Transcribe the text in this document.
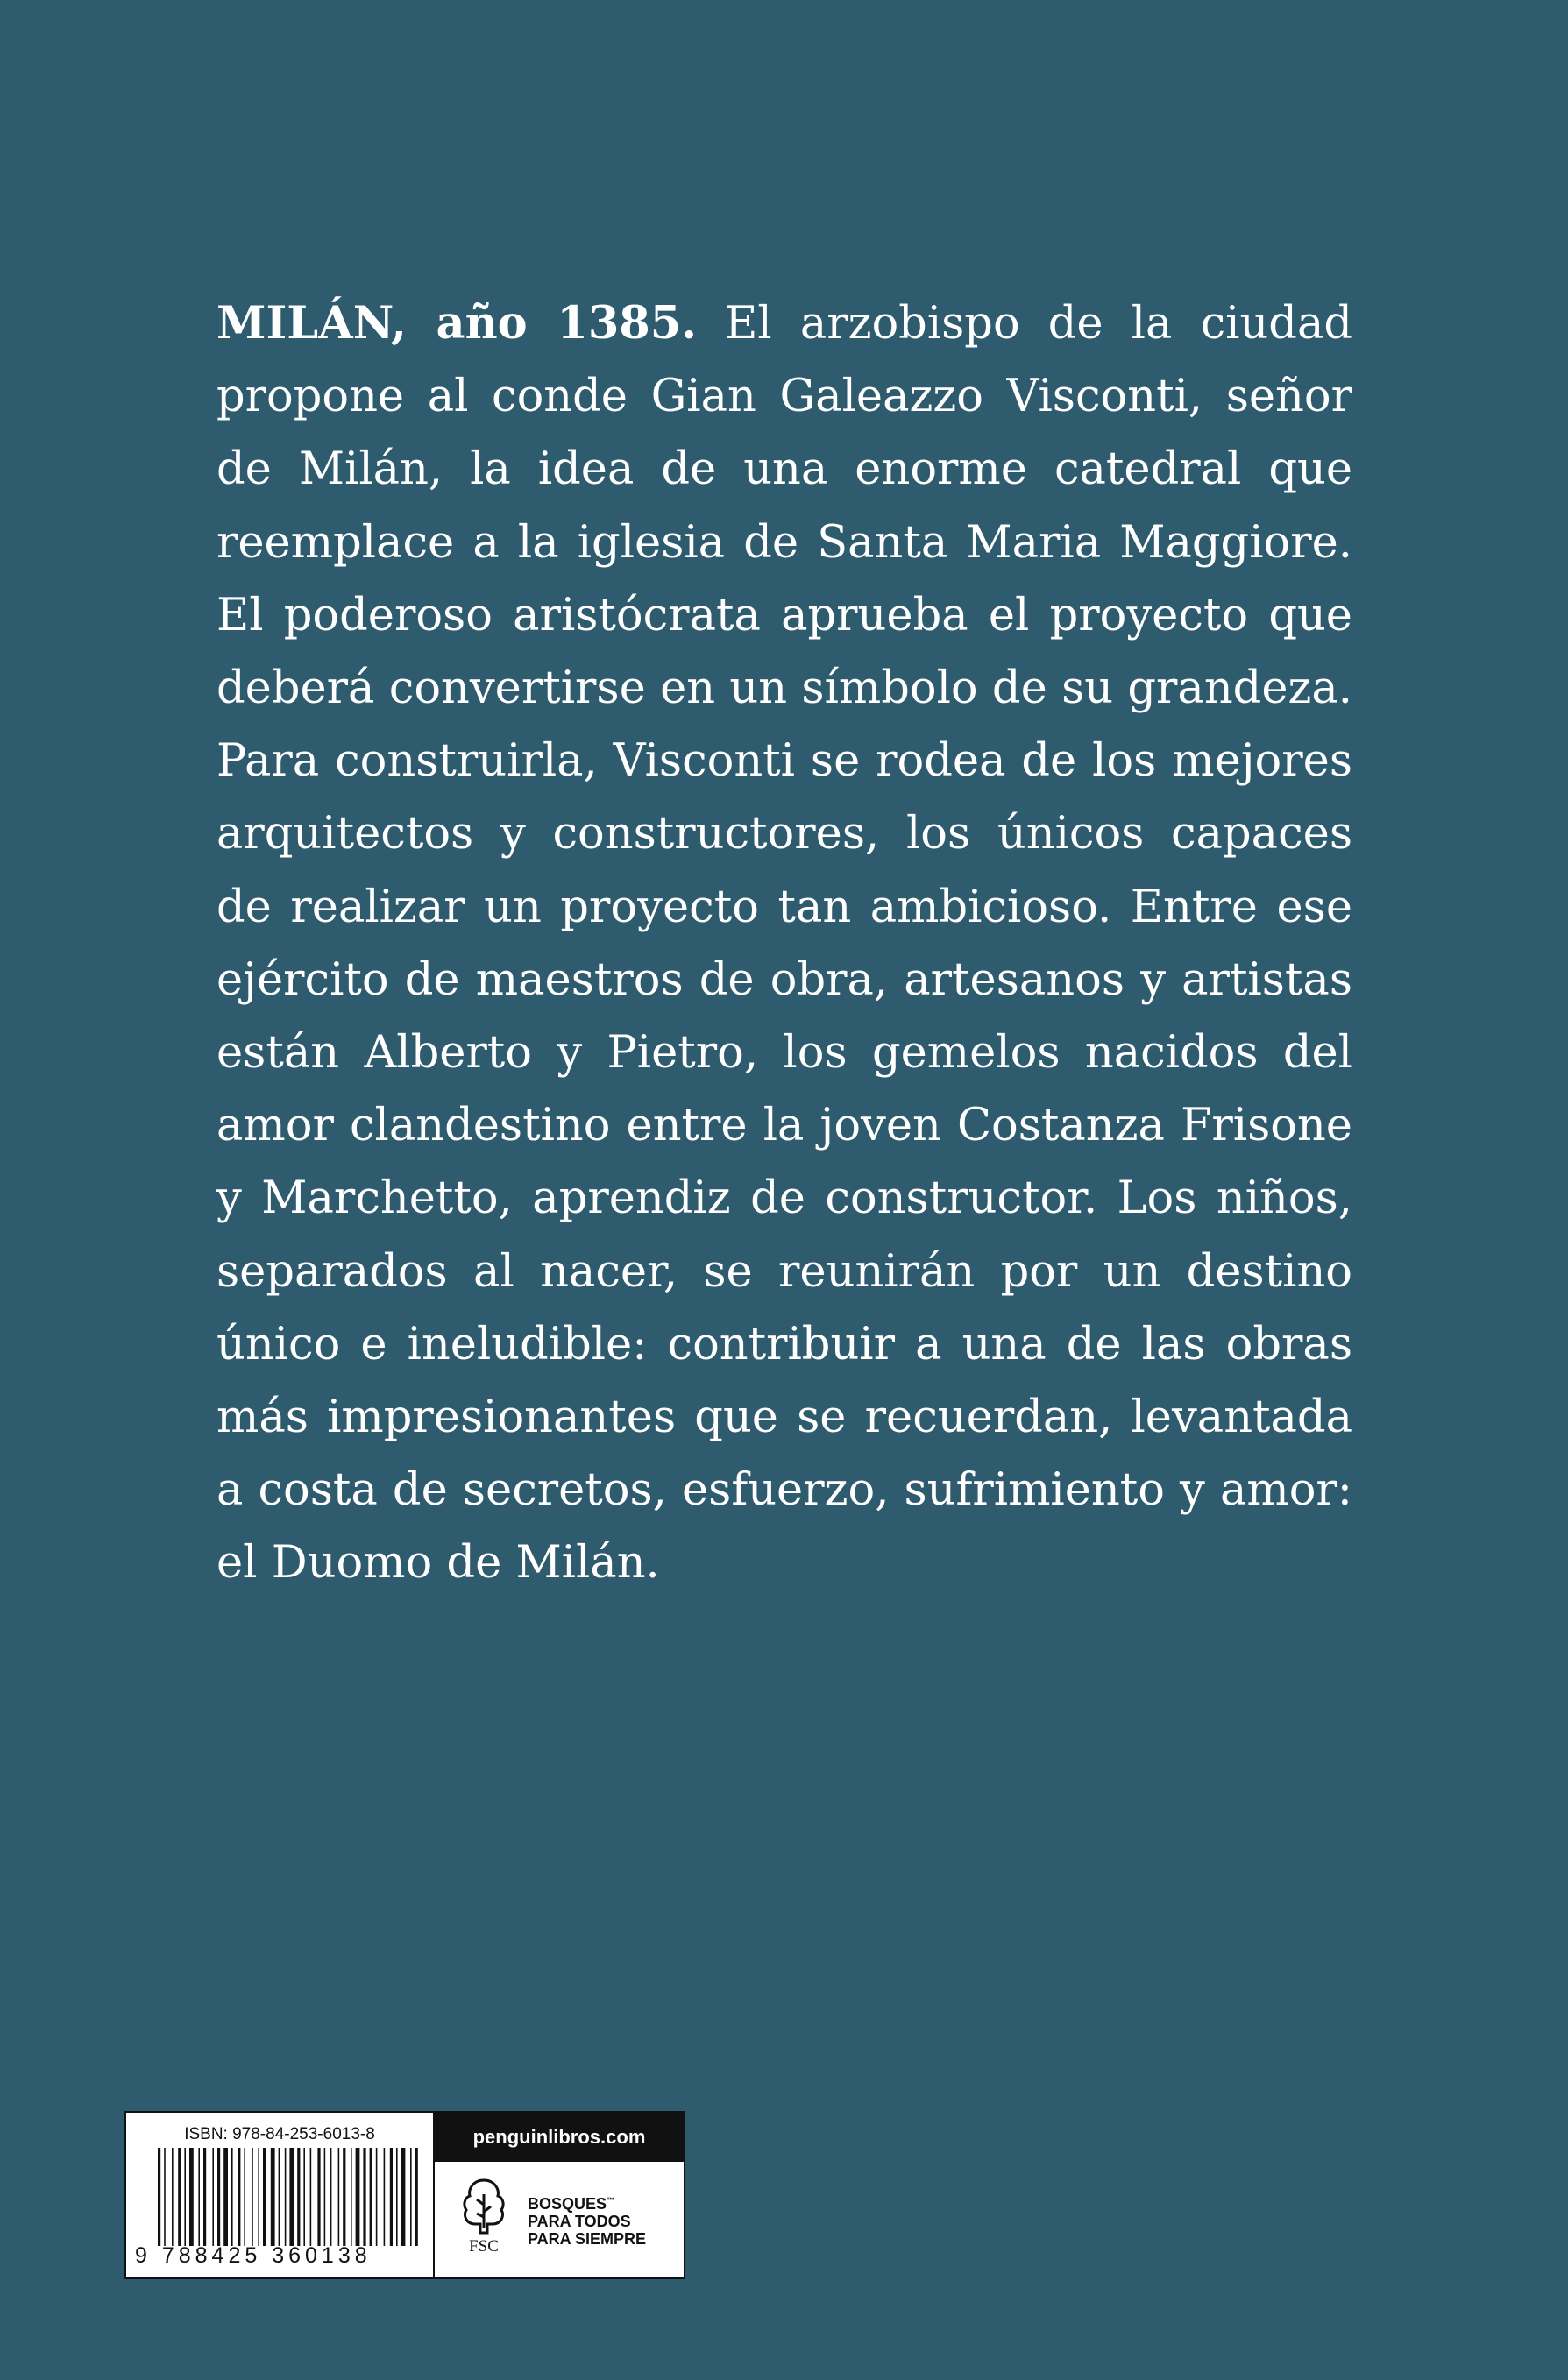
MILÁN, año 1385. El arzobispo de la ciudad propone al conde Gian Galeazzo Visconti, señor de Milán, la idea de una enorme catedral que reemplace a la iglesia de Santa Maria Maggiore. El poderoso aristócrata aprueba el proyecto que deberá convertirse en un símbolo de su grandeza. Para construirla, Visconti se rodea de los mejores arquitectos y constructores, los únicos capaces de realizar un proyecto tan ambicioso. Entre ese ejército de maestros de obra, artesanos y artistas están Alberto y Pietro, los gemelos nacidos del amor clandestino entre la joven Costanza Frisone y Marchetto, aprendiz de constructor. Los niños, separados al nacer, se reunirán por un destino único e ineludible: contribuir a una de las obras más impresionantes que se recuerdan, levantada a costa de secretos, esfuerzo, sufrimiento y amor: el Duomo de Milán.

ISBN: 978-84-253-6013-8
9 788425 360138
penguinlibros.com
FSC
BOSQUES™
PARA TODOS
PARA SIEMPRE
